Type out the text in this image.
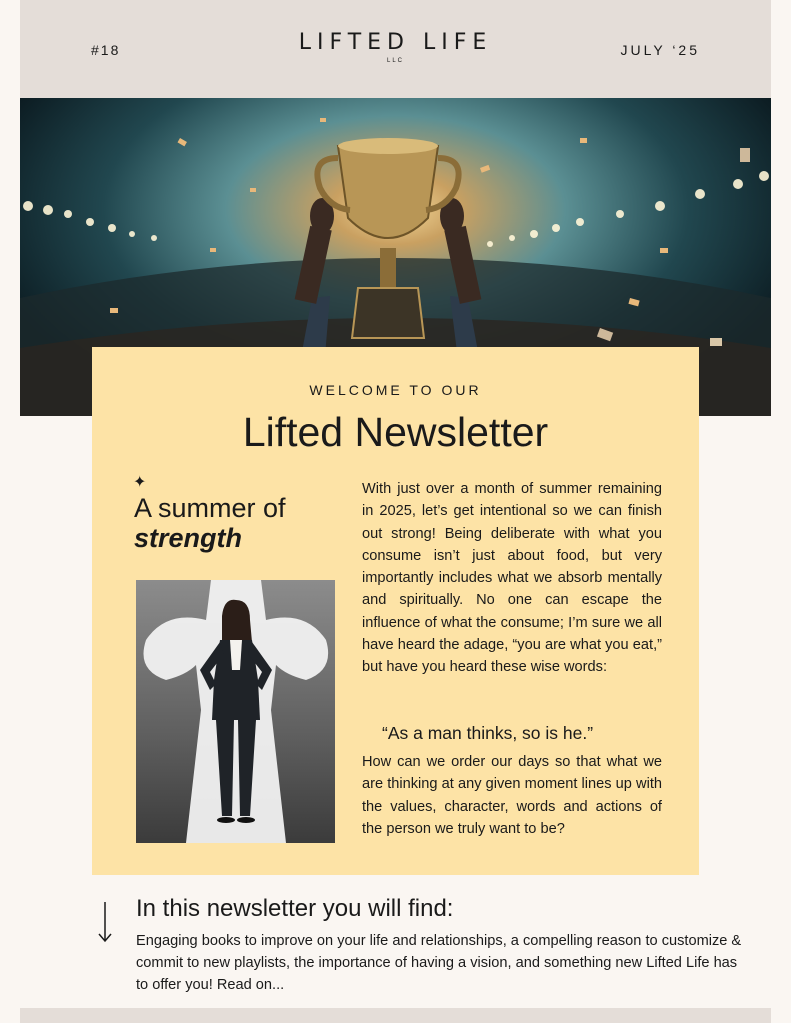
#18	LIFTED LIFE
LLC
JULY ‘25
WELCOME TO OUR
Lifted Newsletter
✦
A summer of
strength
With just over a month of summer remaining in 2025, let’s get intentional so we can finish out strong! Being deliberate with what you consume isn’t just about food, but very importantly includes what we absorb mentally and spiritually. No one can escape the influence of what the consume; I’m sure we all have heard the adage, “you are what you eat,” but have you heard these wise words:
“As a man thinks, so is he.”
How can we order our days so that what we are thinking at any given moment lines up with the values, character, words and actions of the person we truly want to be?
In this newsletter you will find:
Engaging books to improve on your life and relationships, a compelling reason to customize & commit to new playlists, the importance of having a vision, and something new Lifted Life has to offer you! Read on...
